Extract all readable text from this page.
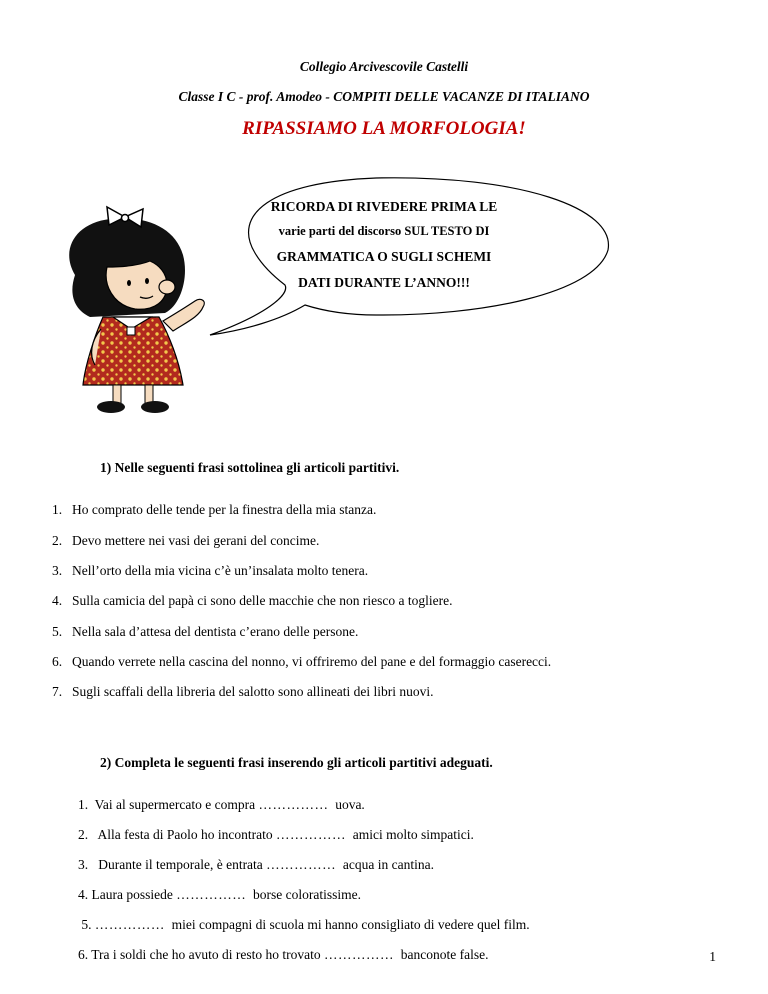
Collegio Arcivescovile Castelli
Classe I C - prof. Amodeo - COMPITI DELLE VACANZE DI ITALIANO
RIPASSIAMO LA MORFOLOGIA!
RICORDA DI RIVEDERE PRIMA LE
varie parti del discorso SUL TESTO DI
GRAMMATICA O SUGLI SCHEMI
DATI DURANTE L’ANNO!!!
1) Nelle seguenti frasi sottolinea gli articoli partitivi.
1. Ho comprato delle tende per la finestra della mia stanza.
2. Devo mettere nei vasi dei gerani del concime.
3. Nell’orto della mia vicina c’è un’insalata molto tenera.
4. Sulla camicia del papà ci sono delle macchie che non riesco a togliere.
5. Nella sala d’attesa del dentista c’erano delle persone.
6. Quando verrete nella cascina del nonno, vi offriremo del pane e del formaggio caserecci.
7. Sugli scaffali della libreria del salotto sono allineati dei libri nuovi.
2) Completa le seguenti frasi inserendo gli articoli partitivi adeguati.
1.  Vai al supermercato e compra ……………  uova.
2.   Alla festa di Paolo ho incontrato ……………  amici molto simpatici.
3.   Durante il temporale, è entrata ……………  acqua in cantina.
4. Laura possiede ……………  borse coloratissime.
5. ……………  miei compagni di scuola mi hanno consigliato di vedere quel film.
6. Tra i soldi che ho avuto di resto ho trovato ……………  banconote false.	1
